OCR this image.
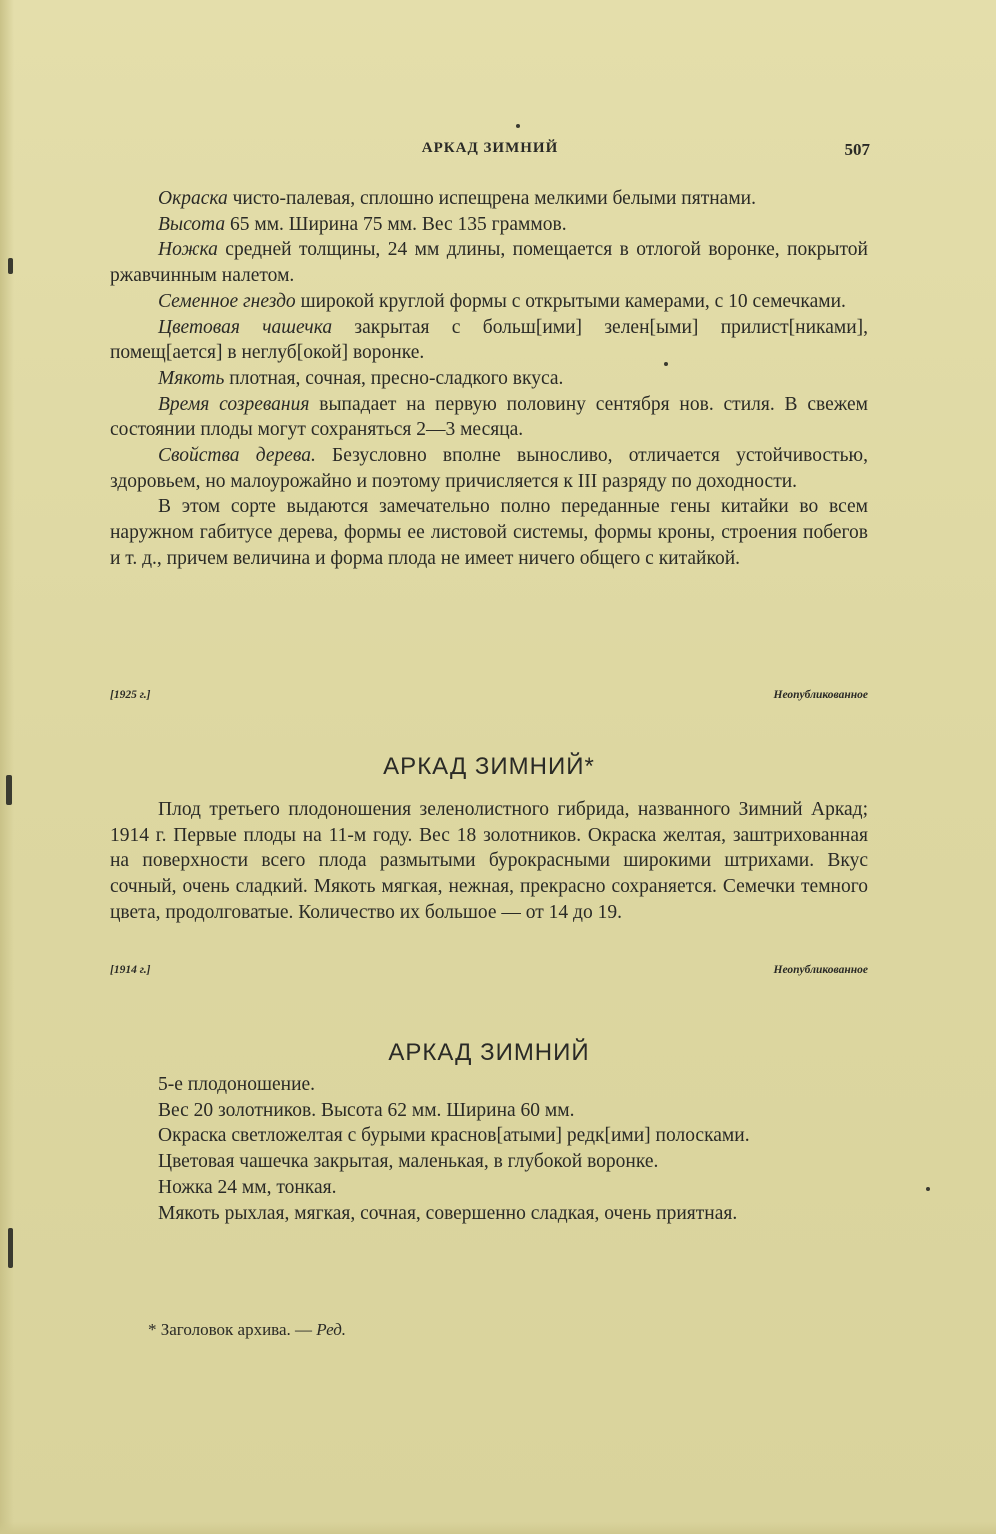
АРКАД ЗИМНИЙ	507

Окраска чисто-палевая, сплошно испещрена мелкими белыми пятнами.

Высота 65 мм. Ширина 75 мм. Вес 135 граммов.

Ножка средней толщины, 24 мм длины, помещается в отлогой воронке, покрытой ржавчинным налетом.

Семенное гнездо широкой круглой формы с открытыми камерами, с 10 семечками.

Цветовая чашечка закрытая с больш[ими] зелен[ыми] прилист[никами], помещ[ается] в неглуб[окой] воронке.

Мякоть плотная, сочная, пресно-сладкого вкуса.

Время созревания выпадает на первую половину сентября нов. стиля. В свежем состоянии плоды могут сохраняться 2—3 месяца.

Свойства дерева. Безусловно вполне выносливо, отличается устойчивостью, здоровьем, но малоурожайно и поэтому причисляется к III разряду по доходности.

В этом сорте выдаются замечательно полно переданные гены китайки во всем наружном габитусе дерева, формы ее листовой системы, формы кроны, строения побегов и т. д., причем величина и форма плода не имеет ничего общего с китайкой.

[1925 г.]	Неопубликованное
АРКАД ЗИМНИЙ*

Плод третьего плодоношения зеленолистного гибрида, названного Зимний Аркад; 1914 г. Первые плоды на 11-м году. Вес 18 золотников. Окраска желтая, заштрихованная на поверхности всего плода размытыми бурокрасными широкими штрихами. Вкус сочный, очень сладкий. Мякоть мягкая, нежная, прекрасно сохраняется. Семечки темного цвета, продолговатые. Количество их большое — от 14 до 19.

[1914 г.]	Неопубликованное
АРКАД ЗИМНИЙ

5-е плодоношение.

Вес 20 золотников. Высота 62 мм. Ширина 60 мм.

Окраска светложелтая с бурыми краснов[атыми] редк[ими] полосками.

Цветовая чашечка закрытая, маленькая, в глубокой воронке.

Ножка 24 мм, тонкая.

Мякоть рыхлая, мягкая, сочная, совершенно сладкая, очень приятная.

* Заголовок архива. — Ред.
